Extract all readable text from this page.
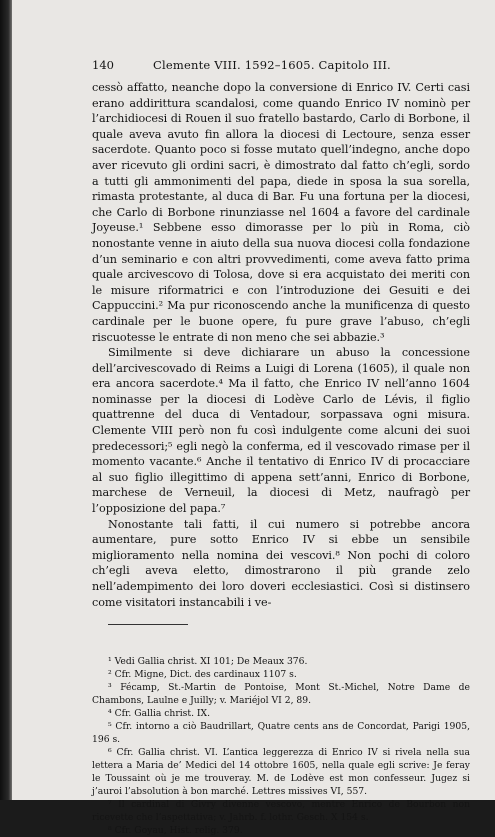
140	Clemente VIII. 1592–1605. Capitolo III.

cessò affatto, neanche dopo la conversione di Enrico IV. Certi casi erano addirittura scandalosi, come quando Enrico IV nominò per l’archidiocesi di Rouen il suo fratello bastardo, Carlo di Borbone, il quale aveva avuto fin allora la diocesi di Lectoure, senza esser sacerdote. Quanto poco si fosse mutato quell’indegno, anche dopo aver ricevuto gli ordini sacri, è dimostrato dal fatto ch’egli, sordo a tutti gli ammonimenti del papa, diede in sposa la sua sorella, rimasta protestante, al duca di Bar. Fu una fortuna per la diocesi, che Carlo di Borbone rinunziasse nel 1604 a favore del cardinale Joyeuse.¹ Sebbene esso dimorasse per lo più in Roma, ciò nonostante venne in aiuto della sua nuova diocesi colla fondazione d’un seminario e con altri provvedimenti, come aveva fatto prima quale arcivescovo di Tolosa, dove si era acquistato dei meriti con le misure riformatrici e con l’introduzione dei Gesuiti e dei Cappuccini.² Ma pur riconoscendo anche la munificenza di questo cardinale per le buone opere, fu pure grave l’abuso, ch’egli riscuotesse le entrate di non meno che sei abbazie.³

Similmente si deve dichiarare un abuso la concessione dell’arcivescovado di Reims a Luigi di Lorena (1605), il quale non era ancora sacerdote.⁴ Ma il fatto, che Enrico IV nell’anno 1604 nominasse per la diocesi di Lodève Carlo de Lévis, il figlio quattrenne del duca di Ventadour, sorpassava ogni misura. Clemente VIII però non fu così indulgente come alcuni dei suoi predecessori;⁵ egli negò la conferma, ed il vescovado rimase per il momento vacante.⁶ Anche il tentativo di Enrico IV di procacciare al suo figlio illegittimo di appena sett’anni, Enrico di Borbone, marchese de Verneuil, la diocesi di Metz, naufragò per l’opposizione del papa.⁷

Nonostante tali fatti, il cui numero si potrebbe ancora aumentare, pure sotto Enrico IV si ebbe un sensibile miglioramento nella nomina dei vescovi.⁸ Non pochi di coloro ch’egli aveva eletto, dimostrarono il più grande zelo nell’adempimento dei loro doveri ecclesiastici. Così si distinsero come visitatori instancabili i ve-

¹ Vedi Gallia christ. XI 101; De Meaux 376.

² Cfr. Migne, Dict. des cardinaux 1107 s.

³ Fécamp, St.-Martin de Pontoise, Mont St.-Michel, Notre Dame de Chambons, Laulne e Juilly; v. Mariéjol VI 2, 89.

⁴ Cfr. Gallia christ. IX.

⁵ Cfr. intorno a ciò Baudrillart, Quatre cents ans de Concordat, Parigi 1905, 196 s.

⁶ Cfr. Gallia christ. VI. L’antica leggerezza di Enrico IV si rivela nella sua lettera a Maria de’ Medici del 14 ottobre 1605, nella quale egli scrive: Je feray le Toussaint où je me trouveray. M. de Lodève est mon confesseur. Jugez si j’auroi l’absolution à bon marché. Lettres missives VI, 557.

⁷ Il cardinal di Givry divenne vescovo, mentre Enrico de Bourbon non ricevette che l’aspettativa; v. Jahrb. f. lothr. Gesch. X 154 s.

⁸ Cfr. Goyau, Hist. relig. 379.
